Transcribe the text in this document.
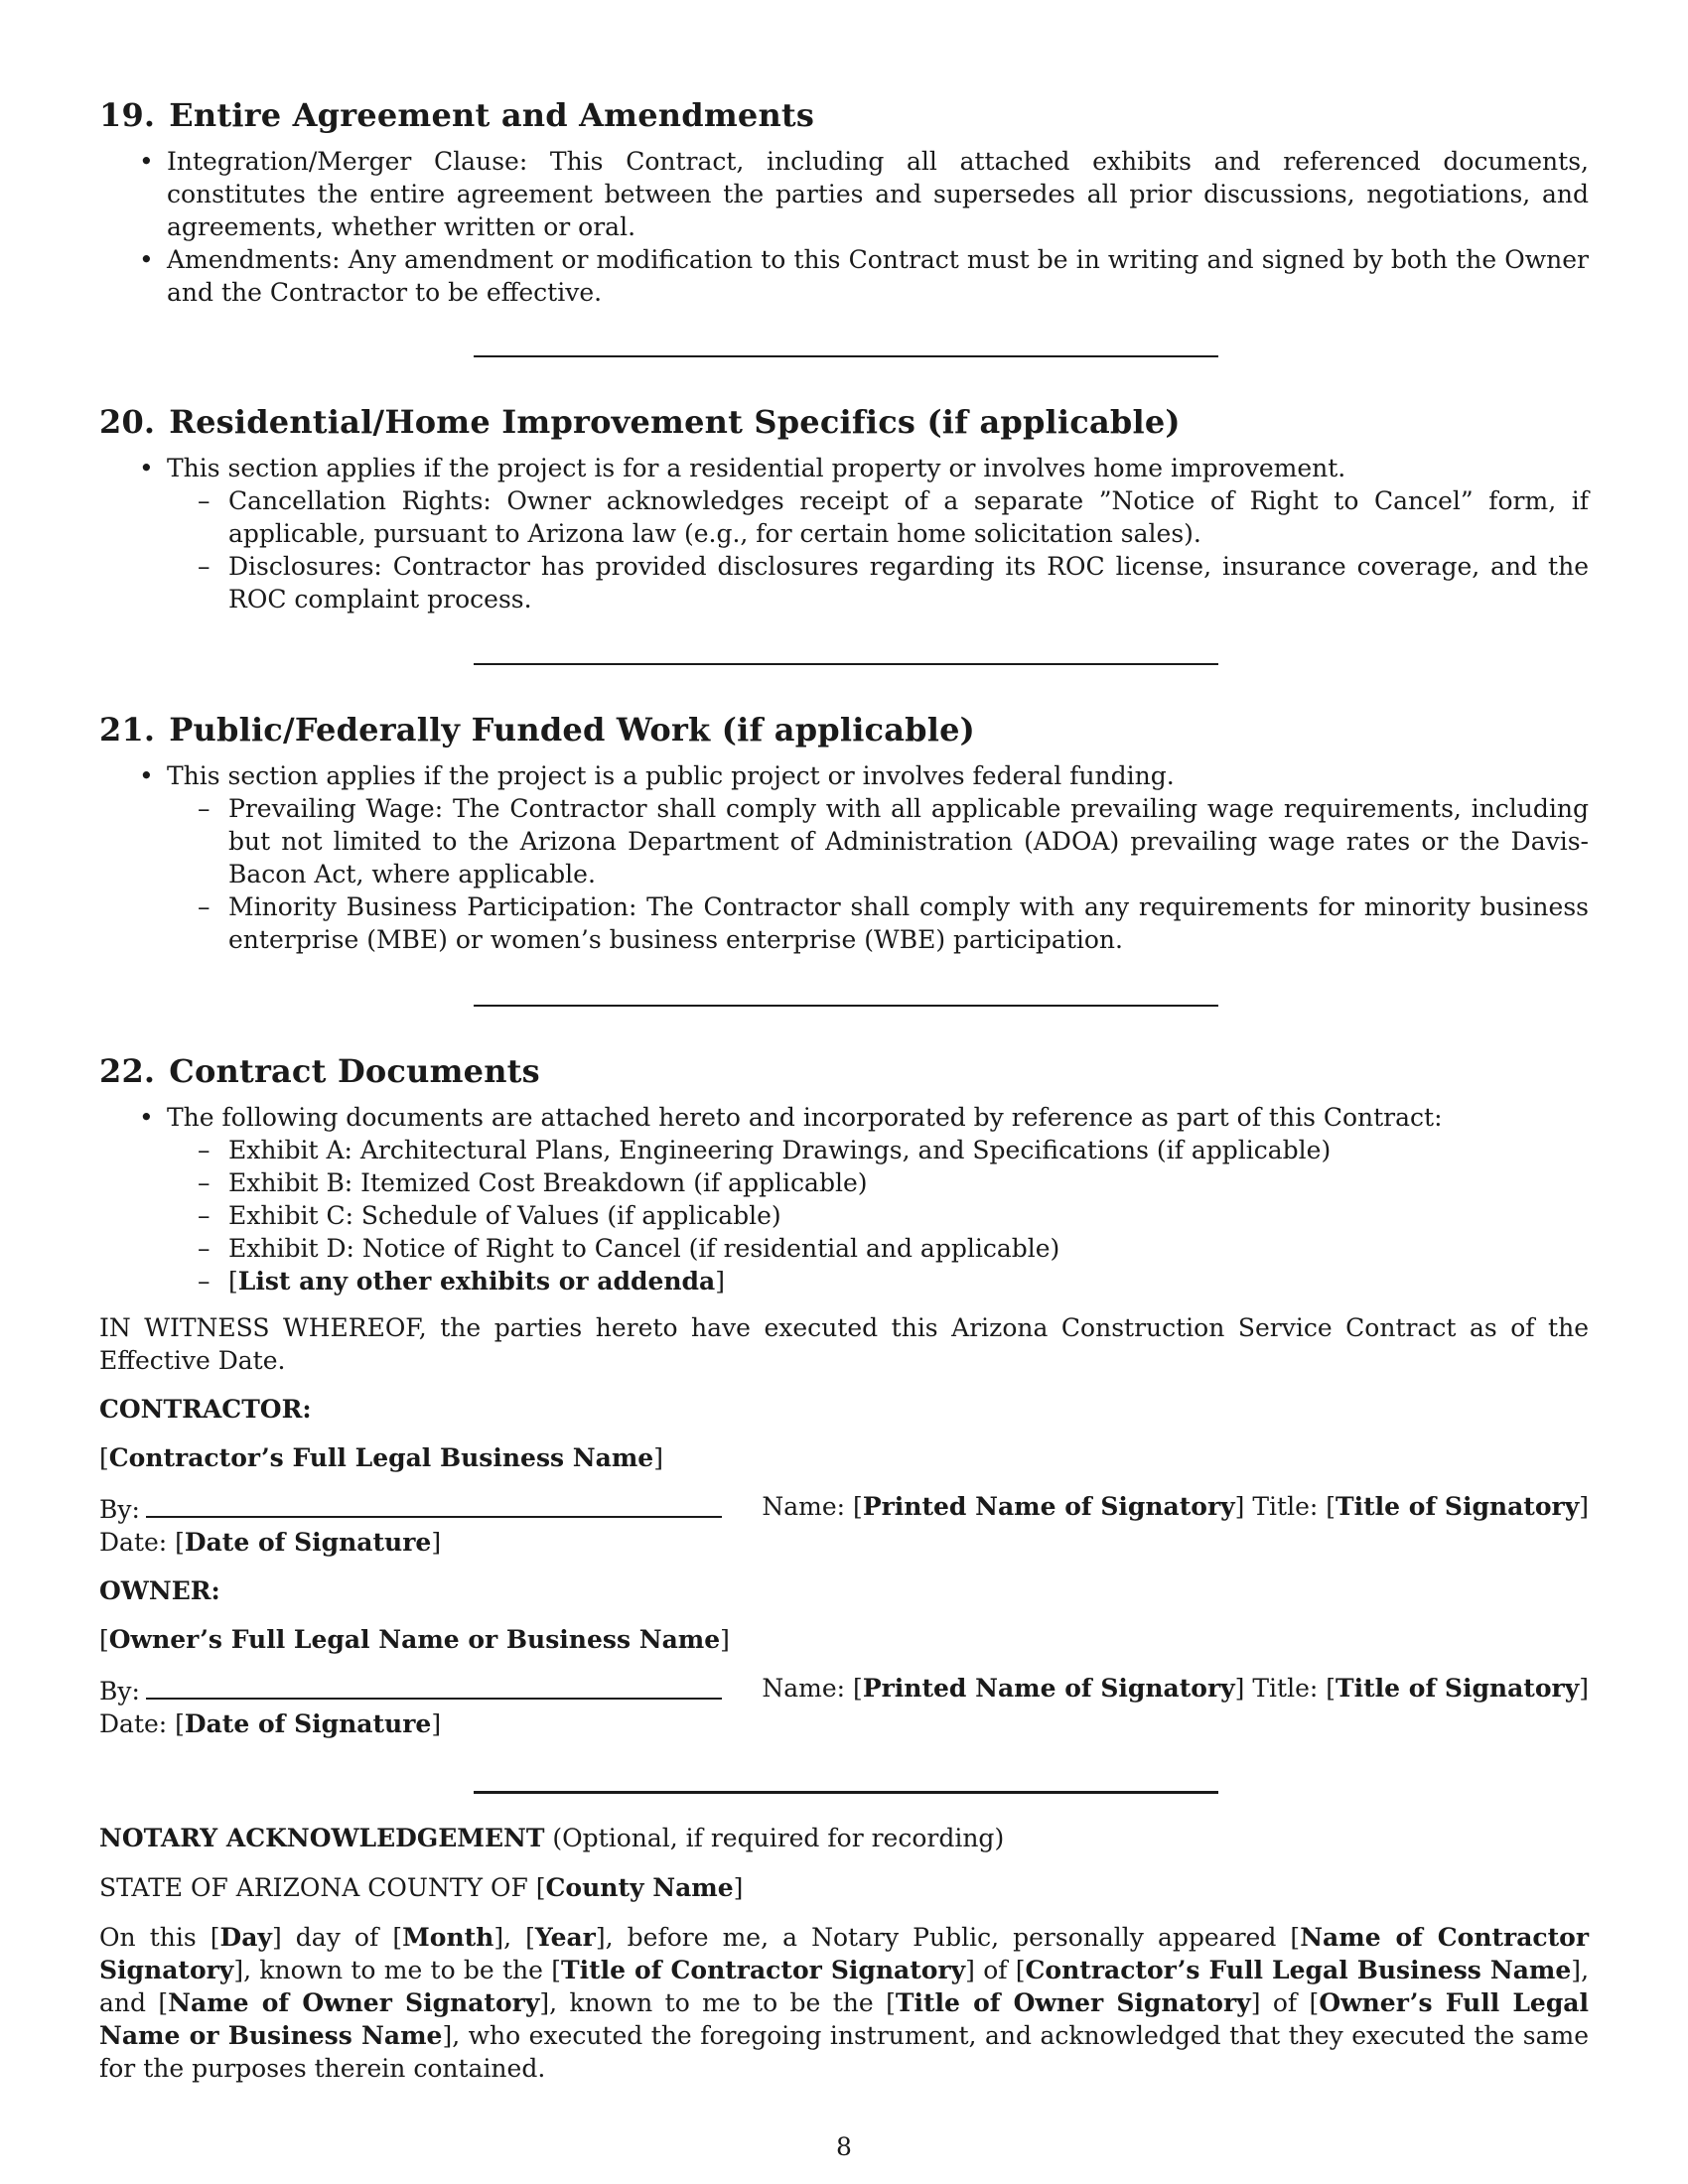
19. Entire Agreement and Amendments
• Integration/Merger Clause: This Contract, including all attached exhibits and referenced documents, constitutes the entire agreement between the parties and supersedes all prior discussions, negotiations, and agreements, whether written or oral.
• Amendments: Any amendment or modification to this Contract must be in writing and signed by both the Owner and the Contractor to be effective.
20. Residential/Home Improvement Specifics (if applicable)
• This section applies if the project is for a residential property or involves home improvement.
– Cancellation Rights: Owner acknowledges receipt of a separate ”Notice of Right to Cancel” form, if applicable, pursuant to Arizona law (e.g., for certain home solicitation sales).
– Disclosures: Contractor has provided disclosures regarding its ROC license, insurance coverage, and the ROC complaint process.
21. Public/Federally Funded Work (if applicable)
• This section applies if the project is a public project or involves federal funding.
– Prevailing Wage: The Contractor shall comply with all applicable prevailing wage requirements, including but not limited to the Arizona Department of Administration (ADOA) prevailing wage rates or the Davis-Bacon Act, where applicable.
– Minority Business Participation: The Contractor shall comply with any requirements for minority business enterprise (MBE) or women’s business enterprise (WBE) participation.
22. Contract Documents
• The following documents are attached hereto and incorporated by reference as part of this Contract:
– Exhibit A: Architectural Plans, Engineering Drawings, and Specifications (if applicable)
– Exhibit B: Itemized Cost Breakdown (if applicable)
– Exhibit C: Schedule of Values (if applicable)
– Exhibit D: Notice of Right to Cancel (if residential and applicable)
– [List any other exhibits or addenda]

IN WITNESS WHEREOF, the parties hereto have executed this Arizona Construction Service Contract as of the Effective Date.

CONTRACTOR:
[Contractor’s Full Legal Business Name]
By:	Name: [Printed Name of Signatory] Title: [Title of Signatory]
Date: [Date of Signature]
OWNER:
[Owner’s Full Legal Name or Business Name]
By:	Name: [Printed Name of Signatory] Title: [Title of Signatory]
Date: [Date of Signature]
NOTARY ACKNOWLEDGEMENT (Optional, if required for recording)
STATE OF ARIZONA COUNTY OF [County Name]

On this [Day] day of [Month], [Year], before me, a Notary Public, personally appeared [Name of Contractor Signatory], known to me to be the [Title of Contractor Signatory] of [Contractor’s Full Legal Business Name], and [Name of Owner Signatory], known to me to be the [Title of Owner Signatory] of [Owner’s Full Legal Name or Business Name], who executed the foregoing instrument, and acknowledged that they executed the same for the purposes therein contained.

8
